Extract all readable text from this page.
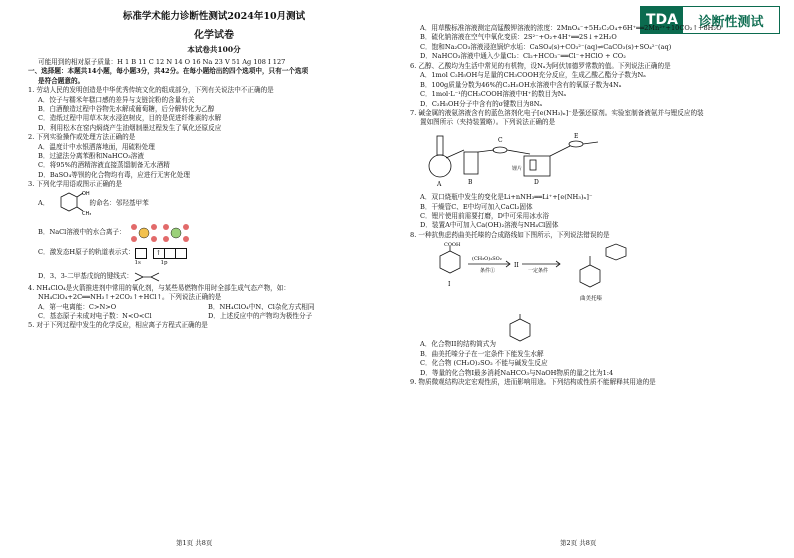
TDA	诊断性测试
标准学术能力诊断性测试2024年10月测试
化学试卷
本试卷共100分
可能用到的相对原子质量：H 1 B 11 C 12 N 14 O 16 Na 23 V 51 Ag 108 I 127
一、选择题：本题共14小题，每小题3分，共42分。在每小题给出的四个选项中，只有一个选项
是符合题意的。
1. 劳动人民的发明创造是中华优秀传统文化的组成部分，下列有关说法中不正确的是
A．饺子与糯米年糕口感的差异与支链淀粉的含量有关
B．白酒酿造过程中谷物先水解成葡萄糖，后分解转化为乙醇
C．造纸过程中用草木灰水浸泡树皮，目的是促进纤维素的水解
D．利用松木在窑内焖烧产生油烟制墨过程发生了氧化还原反应
2. 下列实验操作或处理方法正确的是
A．温度计中水银洒落地面，用硫粉处理
B．过滤法分离苯酚和NaHCO₃溶液
C．将95%的酒精溶液直接蒸馏制备无水酒精
D．BaSO₄等钡的化合物均有毒，应进行无害化处理
3. 下列化学用语或图示正确的是
A．
OH
CH₃
的命名：邻羟基甲苯
B．NaCl溶液中的水合离子：
C．激发态H原子的轨道表示式：	↑
1s	1p
D．3、3-二甲基戊烷的键线式：
4. NH₄ClO₄是火箭推进剂中常用的氧化剂，与某些易燃物作用时全部生成气态产物，如：
NH₄ClO₄+2C══NH₃↑+2CO₂↑+HCl↑。下列说法正确的是
A．第一电离能：C>N>O	B．NH₄ClO₄中N、Cl杂化方式相同
C．基态原子未成对电子数：N<O<Cl	D．上述反应中的产物均为极性分子
5. 对于下列过程中发生的化学反应，相应离子方程式正确的是
A．用草酸标准溶液测定高锰酸钾溶液的浓度：2MnO₄⁻+5H₂C₂O₄+6H⁺══2Mn²⁺+10CO₂↑+8H₂O
B．硫化钠溶液在空气中氧化变质：2S²⁻+O₂+4H⁺══2S↓+2H₂O
C．饱和Na₂CO₃溶液浸泡锅炉水垢：CaSO₄(s)+CO₃²⁻(aq)⇌CaCO₃(s)+SO₄²⁻(aq)
D．NaHCO₃溶液中通入少量Cl₂：Cl₂+HCO₃⁻══Cl⁻+HClO + CO₂
6. 乙醇、乙酸均为生活中常见的有机物，设Nₐ为阿伏加德罗常数的值。下列说法正确的是
A．1mol C₂H₅OH与足量的CH₃COOH充分反应，生成乙酸乙酯分子数为Nₐ
B．100g质量分数为46%的C₂H₅OH水溶液中含有的氧原子数为4Nₐ
C．1mol·L⁻¹的CH₃COOH溶液中H⁺的数目为Nₐ
D．C₂H₅OH分子中含有的σ键数目为8Nₐ
7. 碱金属的液氨溶液含有的蓝色溶剂化电子[e(NH₃)ₙ]⁻是强还原剂。实验室制备液氨并与锂反应的装
置如图所示（夹持装置略）。下列说法正确的是
A	B
C
D
E
锂片
A．双口烧瓶中发生的变化是Li+nNH₃══Li⁺+[e(NH₃)ₙ]⁻
B．干燥管C、E中均可加入CaCl₂固体
C．锂片使用前需要打磨，D中可采用冰水浴
D．装置A中可加入Ca(OH)₂溶液与NH₄Cl固体
8. 一种抗焦虑药曲美托嗪的合成路线如下图所示，下列说法错误的是
COOH
(CH₃O)₂SO₂
条件①
II
一定条件
I
曲美托嗪
A．化合物II的结构简式为
B．曲美托嗪分子在一定条件下能发生水解
C．化合物 (CH₃O)₂SO₂ 不能与碱发生反应
D．等量的化合物I最多消耗NaHCO₃与NaOH物质的量之比为1:4
9. 物质微观结构决定宏观性质，进而影响用途。下列结构或性质不能解释其用途的是
第1页 共8页	第2页 共8页
